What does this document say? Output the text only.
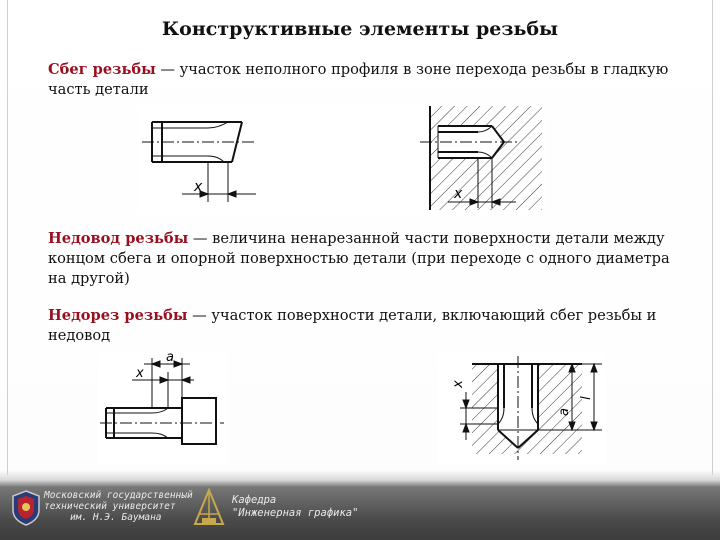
Конструктивные элементы резьбы
Сбег резьбы — участок неполного профиля в зоне перехода резьбы в гладкую часть детали
x	x
Недовод резьбы — величина ненарезанной части поверхности детали между концом сбега и опорной поверхностью детали (при переходе с одного диаметра на другой)
Недорез резьбы — участок поверхности детали, включающий сбег резьбы и недовод
a
x
x
a
l
Московский государственный
технический университет
им. Н.Э. Баумана
Кафедра
"Инженерная графика"
